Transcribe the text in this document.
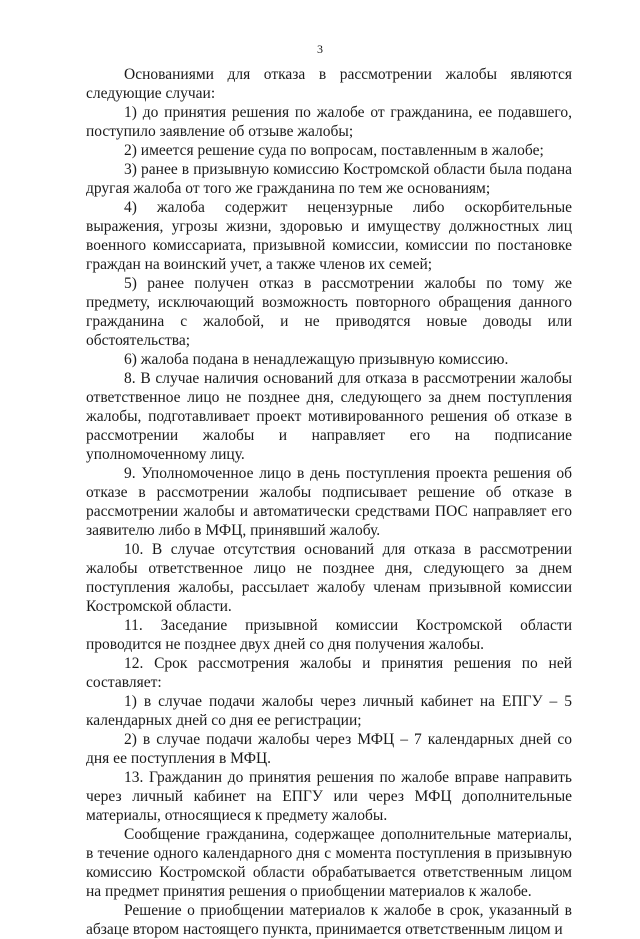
3

Основаниями для отказа в рассмотрении жалобы являются следующие случаи:

1) до принятия решения по жалобе от гражданина, ее подавшего, поступило заявление об отзыве жалобы;

2) имеется решение суда по вопросам, поставленным в жалобе;

3) ранее в призывную комиссию Костромской области была подана другая жалоба от того же гражданина по тем же основаниям;

4) жалоба содержит нецензурные либо оскорбительные выражения, угрозы жизни, здоровью и имуществу должностных лиц военного комиссариата, призывной комиссии, комиссии по постановке граждан на воинский учет, а также членов их семей;

5) ранее получен отказ в рассмотрении жалобы по тому же предмету, исключающий возможность повторного обращения данного гражданина с жалобой, и не приводятся новые доводы или обстоятельства;

6) жалоба подана в ненадлежащую призывную комиссию.

8. В случае наличия оснований для отказа в рассмотрении жалобы ответственное лицо не позднее дня, следующего за днем поступления жалобы, подготавливает проект мотивированного решения об отказе в рассмотрении жалобы и направляет его на подписание уполномоченному лицу.

9. Уполномоченное лицо в день поступления проекта решения об отказе в рассмотрении жалобы подписывает решение об отказе в рассмотрении жалобы и автоматически средствами ПОС направляет его заявителю либо в МФЦ, принявший жалобу.

10. В случае отсутствия оснований для отказа в рассмотрении жалобы ответственное лицо не позднее дня, следующего за днем поступления жалобы, рассылает жалобу членам призывной комиссии Костромской области.

11. Заседание призывной комиссии Костромской области проводится не позднее двух дней со дня получения жалобы.

12. Срок рассмотрения жалобы и принятия решения по ней составляет:

1) в случае подачи жалобы через личный кабинет на ЕПГУ – 5 календарных дней со дня ее регистрации;

2) в случае подачи жалобы через МФЦ – 7 календарных дней со дня ее поступления в МФЦ.

13. Гражданин до принятия решения по жалобе вправе направить через личный кабинет на ЕПГУ или через МФЦ дополнительные материалы, относящиеся к предмету жалобы.

Сообщение гражданина, содержащее дополнительные материалы, в течение одного календарного дня с момента поступления в призывную комиссию Костромской области обрабатывается ответственным лицом на предмет принятия решения о приобщении материалов к жалобе.

Решение о приобщении материалов к жалобе в срок, указанный в абзаце втором настоящего пункта, принимается ответственным лицом и
